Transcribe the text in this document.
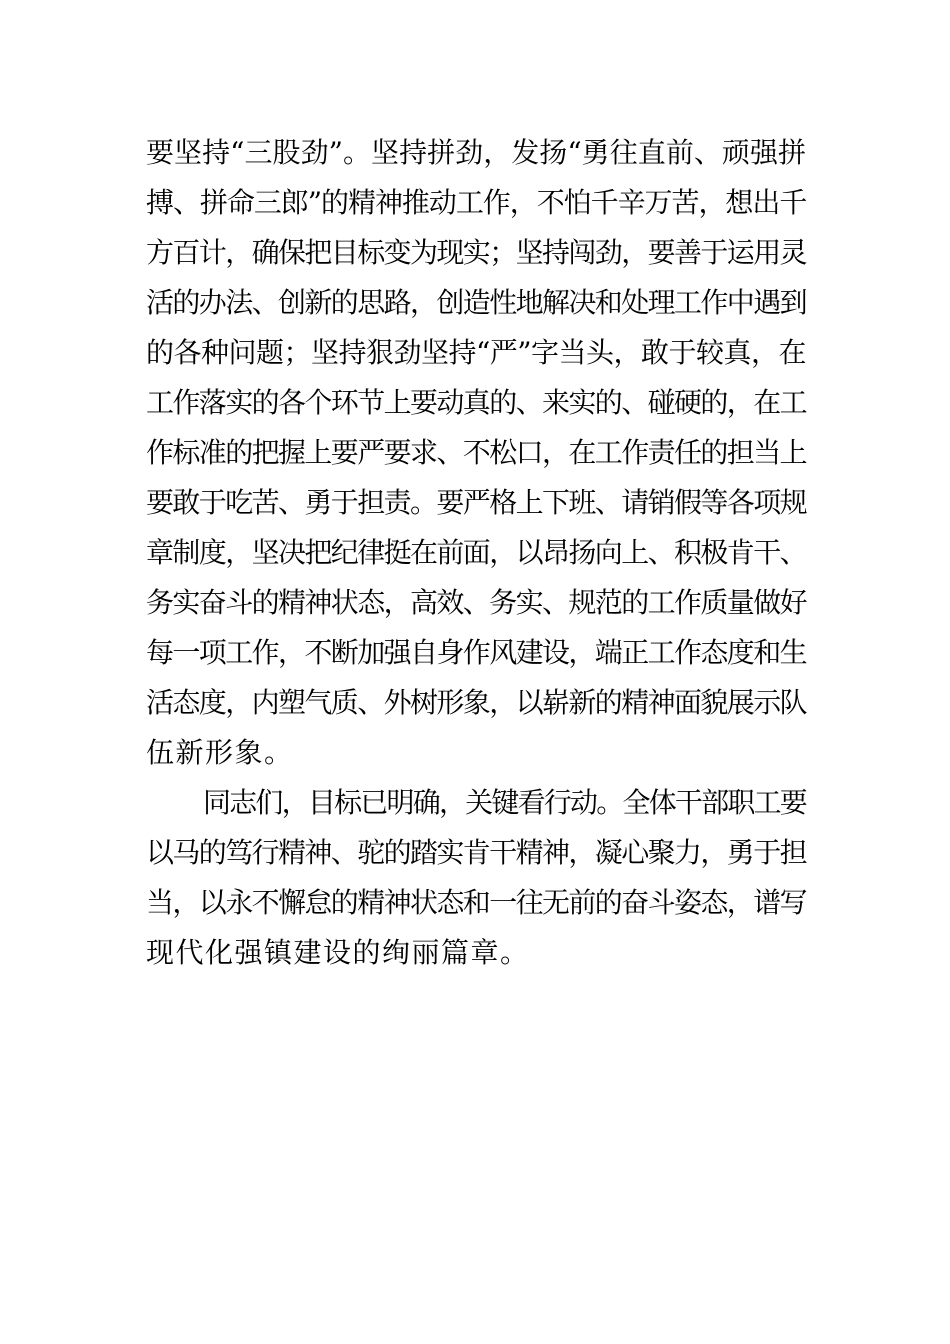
要坚持“三股劲”。坚持拼劲，发扬“勇往直前、顽强拼
搏、拼命三郎”的精神推动工作，不怕千辛万苦，想出千
方百计，确保把目标变为现实；坚持闯劲，要善于运用灵
活的办法、创新的思路，创造性地解决和处理工作中遇到
的各种问题；坚持狠劲坚持“严”字当头，敢于较真，在
工作落实的各个环节上要动真的、来实的、碰硬的，在工
作标准的把握上要严要求、不松口，在工作责任的担当上
要敢于吃苦、勇于担责。要严格上下班、请销假等各项规
章制度，坚决把纪律挺在前面，以昂扬向上、积极肯干、
务实奋斗的精神状态，高效、务实、规范的工作质量做好
每一项工作，不断加强自身作风建设，端正工作态度和生
活态度，内塑气质、外树形象，以崭新的精神面貌展示队
伍新形象。

同志们，目标已明确，关键看行动。全体干部职工要
以马的笃行精神、驼的踏实肯干精神，凝心聚力，勇于担
当，以永不懈怠的精神状态和一往无前的奋斗姿态，谱写
现代化强镇建设的绚丽篇章。
